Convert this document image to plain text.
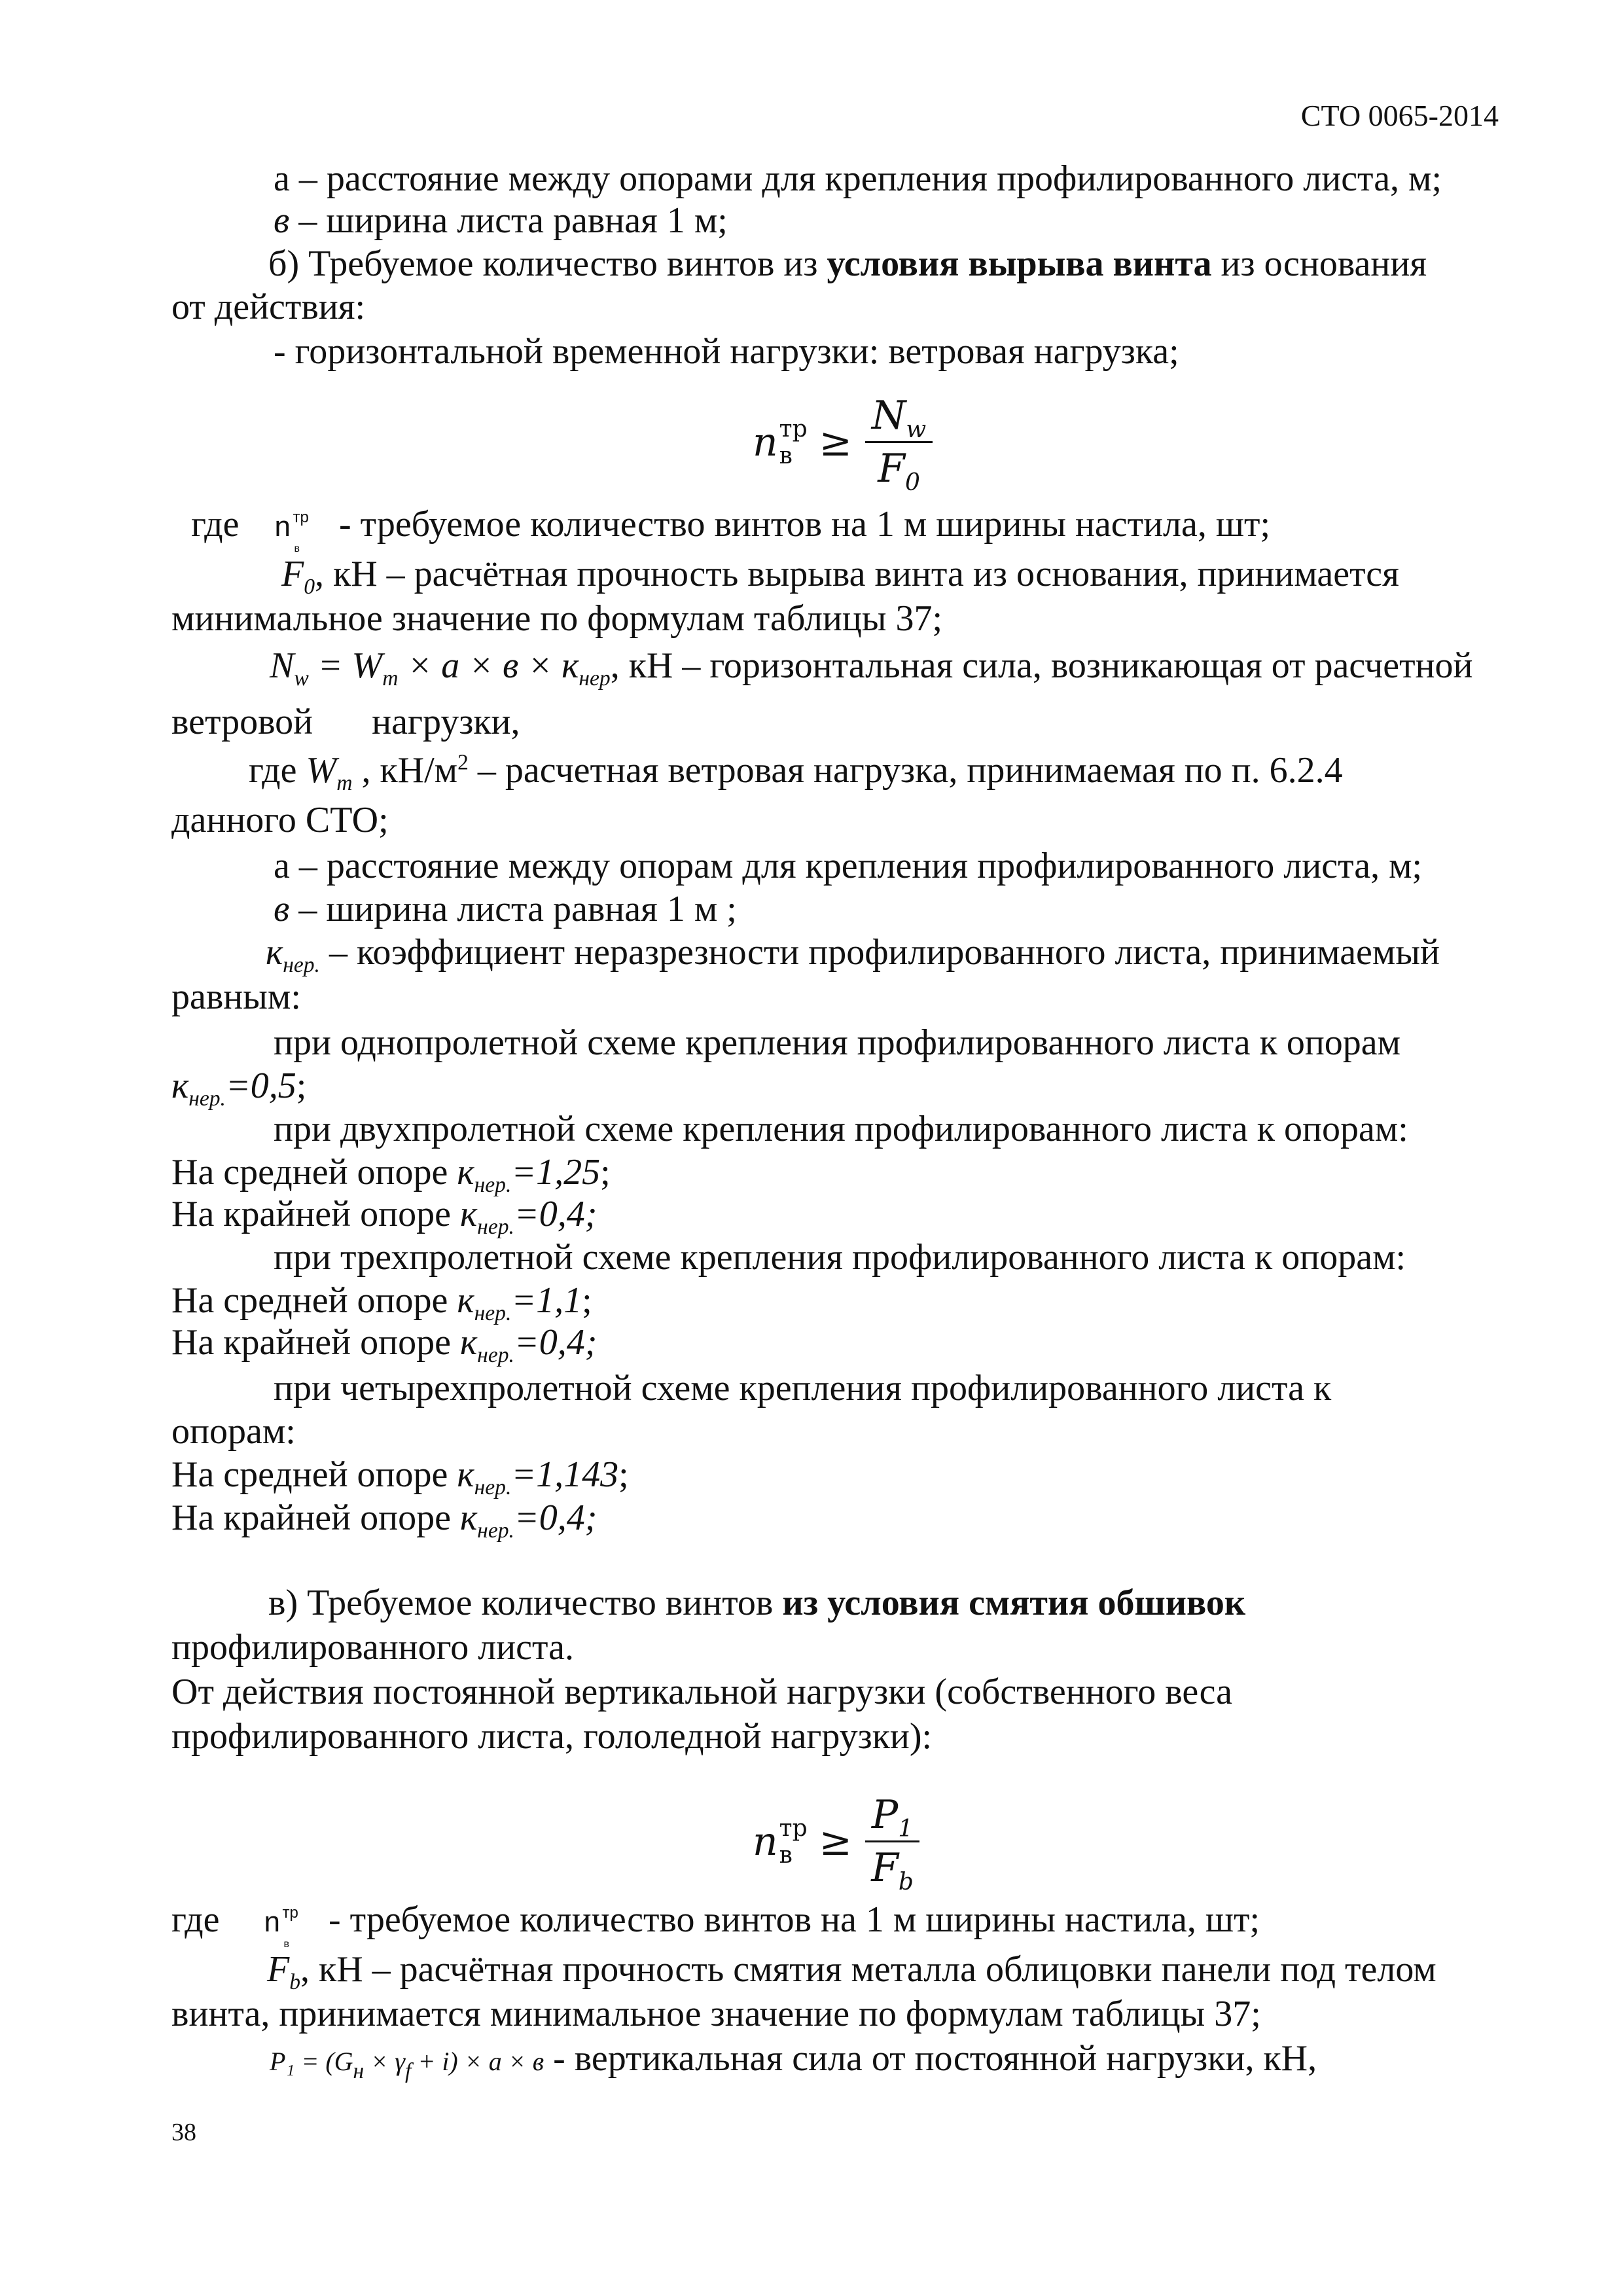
СТО 0065-2014
а – расстояние между опорами для крепления профилированного листа, м;
в – ширина листа равная 1 м;
б) Требуемое количество винтов из условия вырыва винта из основания
от действия:
- горизонтальной временной нагрузки: ветровая нагрузка;
n тр
$в \ge \frac{N_w}{F_0}$
где n тр
в
- требуемое количество винтов на 1 м ширины настила, шт;
$F_0$, кН – расчётная прочность вырыва винта из основания, принимается
минимальное значение по формулам таблицы 37;
$N_w = W_m \times a \times в \times к_{нер}$, кН – горизонтальная сила, возникающая от расчетной
ветровой нагрузки,
где $W_m$ , $кН/м^2$ – расчетная ветровая нагрузка, принимаемая по п. 6.2.4
данного СТО;
а – расстояние между опорам для крепления профилированного листа, м;
в – ширина листа равная 1 м ;
$к_{нер.}$ – коэффициент неразрезности профилированного листа, принимаемый
равным:
при однопролетной схеме крепления профилированного листа к опорам
$к_{нер.}=0,5$;
при двухпролетной схеме крепления профилированного листа к опорам:
На средней опоре $к_{нер.}=1,25$;
На крайней опоре $к_{нер.}=0,4$;
при трехпролетной схеме крепления профилированного листа к опорам:
На средней опоре $к_{нер.}=1,1$;
На крайней опоре $к_{нер.}=0,4$;
при четырехпролетной схеме крепления профилированного листа к
опорам:
На средней опоре $к_{нер.}=1,143$;
На крайней опоре $к_{нер.}=0,4$;
в) Требуемое количество винтов из условия смятия обшивок
профилированного листа.
От действия постоянной вертикальной нагрузки (собственного веса
профилированного листа, гололедной нагрузки):
n тр
$в \ge \frac{P_1}{F_b}$
где n тр
в
- требуемое количество винтов на 1 м ширины настила, шт;
$F_b$, кН – расчётная прочность смятия металла облицовки панели под телом
винта, принимается минимальное значение по формулам таблицы 37;
$P_1 = (G_н \times \gamma_f + i) \times a \times в$ - вертикальная сила от постоянной нагрузки, кН,
38
